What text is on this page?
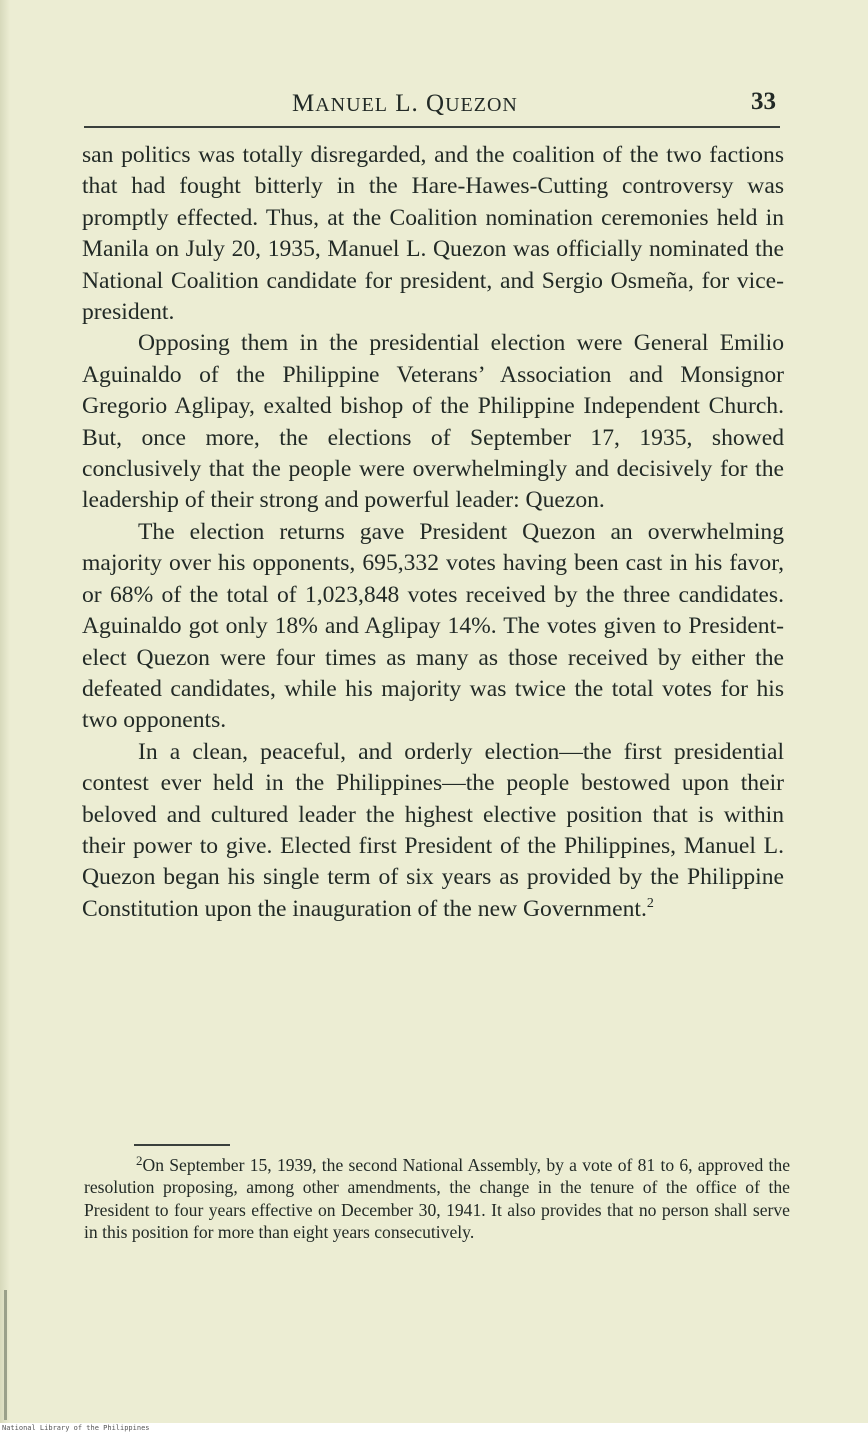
MANUEL L. QUEZON	33

san politics was totally disregarded, and the coalition of the two factions that had fought bitterly in the Hare-Hawes-Cutting controversy was promptly effected. Thus, at the Coalition nomination ceremonies held in Manila on July 20, 1935, Manuel L. Quezon was officially nominated the National Coalition candidate for president, and Sergio Osmeña, for vice-president.

Opposing them in the presidential election were General Emilio Aguinaldo of the Philippine Veterans’ Association and Monsignor Gregorio Aglipay, exalted bishop of the Philippine Independent Church. But, once more, the elections of September 17, 1935, showed conclusively that the people were overwhelmingly and decisively for the leadership of their strong and powerful leader: Quezon.

The election returns gave President Quezon an overwhelming majority over his opponents, 695,332 votes having been cast in his favor, or 68% of the total of 1,023,848 votes received by the three candidates. Aguinaldo got only 18% and Aglipay 14%. The votes given to President-elect Quezon were four times as many as those received by either the defeated candidates, while his majority was twice the total votes for his two opponents.

In a clean, peaceful, and orderly election—the first presidential contest ever held in the Philippines—the people bestowed upon their beloved and cultured leader the highest elective position that is within their power to give. Elected first President of the Philippines, Manuel L. Quezon began his single term of six years as provided by the Philippine Constitution upon the inauguration of the new Government.$^2$

$^2$On September 15, 1939, the second National Assembly, by a vote of 81 to 6, approved the resolution proposing, among other amendments, the change in the tenure of the office of the President to four years effective on December 30, 1941. It also provides that no person shall serve in this position for more than eight years consecutively.
National Library of the Philippines
